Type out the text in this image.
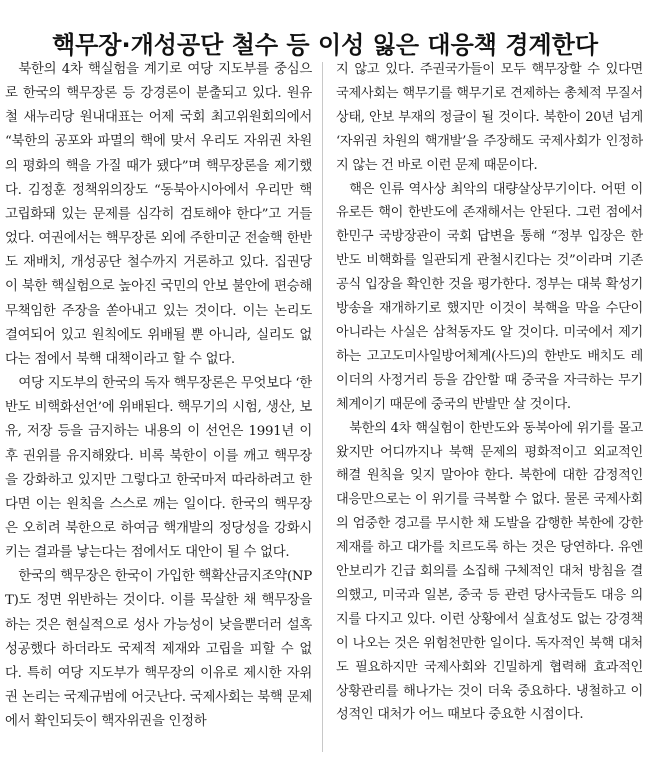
핵무장·개성공단 철수 등 이성 잃은 대응책 경계한다

북한의 4차 핵실험을 계기로 여당 지도부를 중심으로 한국의 핵무장론 등 강경론이 분출되고 있다. 원유철 새누리당 원내대표는 어제 국회 최고위원회의에서 “북한의 공포와 파멸의 핵에 맞서 우리도 자위권 차원의 평화의 핵을 가질 때가 됐다”며 핵무장론을 제기했다. 김정훈 정책위의장도 “동북아시아에서 우리만 핵 고립화돼 있는 문제를 심각히 검토해야 한다”고 거들었다. 여권에서는 핵무장론 외에 주한미군 전술핵 한반도 재배치, 개성공단 철수까지 거론하고 있다. 집권당이 북한 핵실험으로 높아진 국민의 안보 불안에 편승해 무책임한 주장을 쏟아내고 있는 것이다. 이는 논리도 결여되어 있고 원칙에도 위배될 뿐 아니라, 실리도 없다는 점에서 북핵 대책이라고 할 수 없다.

여당 지도부의 한국의 독자 핵무장론은 무엇보다 ‘한반도 비핵화선언’에 위배된다. 핵무기의 시험, 생산, 보유, 저장 등을 금지하는 내용의 이 선언은 1991년 이후 권위를 유지해왔다. 비록 북한이 이를 깨고 핵무장을 강화하고 있지만 그렇다고 한국마저 따라하려고 한다면 이는 원칙을 스스로 깨는 일이다. 한국의 핵무장은 오히려 북한으로 하여금 핵개발의 정당성을 강화시키는 결과를 낳는다는 점에서도 대안이 될 수 없다.

한국의 핵무장은 한국이 가입한 핵확산금지조약(NPT)도 정면 위반하는 것이다. 이를 묵살한 채 핵무장을 하는 것은 현실적으로 성사 가능성이 낮을뿐더러 설혹 성공했다 하더라도 국제적 제재와 고립을 피할 수 없다. 특히 여당 지도부가 핵무장의 이유로 제시한 자위권 논리는 국제규범에 어긋난다. 국제사회는 북핵 문제에서 확인되듯이 핵자위권을 인정하

지 않고 있다. 주권국가들이 모두 핵무장할 수 있다면 국제사회는 핵무기를 핵무기로 견제하는 총체적 무질서 상태, 안보 부재의 정글이 될 것이다. 북한이 20년 넘게 ‘자위권 차원의 핵개발’을 주장해도 국제사회가 인정하지 않는 건 바로 이런 문제 때문이다.

핵은 인류 역사상 최악의 대량살상무기이다. 어떤 이유로든 핵이 한반도에 존재해서는 안된다. 그런 점에서 한민구 국방장관이 국회 답변을 통해 “정부 입장은 한반도 비핵화를 일관되게 관철시킨다는 것”이라며 기존 공식 입장을 확인한 것을 평가한다. 정부는 대북 확성기 방송을 재개하기로 했지만 이것이 북핵을 막을 수단이 아니라는 사실은 삼척동자도 알 것이다. 미국에서 제기하는 고고도미사일방어체계(사드)의 한반도 배치도 레이더의 사정거리 등을 감안할 때 중국을 자극하는 무기 체계이기 때문에 중국의 반발만 살 것이다.

북한의 4차 핵실험이 한반도와 동북아에 위기를 몰고 왔지만 어디까지나 북핵 문제의 평화적이고 외교적인 해결 원칙을 잊지 말아야 한다. 북한에 대한 감정적인 대응만으로는 이 위기를 극복할 수 없다. 물론 국제사회의 엄중한 경고를 무시한 채 도발을 감행한 북한에 강한 제재를 하고 대가를 치르도록 하는 것은 당연하다. 유엔 안보리가 긴급 회의를 소집해 구체적인 대처 방침을 결의했고, 미국과 일본, 중국 등 관련 당사국들도 대응 의지를 다지고 있다. 이런 상황에서 실효성도 없는 강경책이 나오는 것은 위험천만한 일이다. 독자적인 북핵 대처도 필요하지만 국제사회와 긴밀하게 협력해 효과적인 상황관리를 해나가는 것이 더욱 중요하다. 냉철하고 이성적인 대처가 어느 때보다 중요한 시점이다.
